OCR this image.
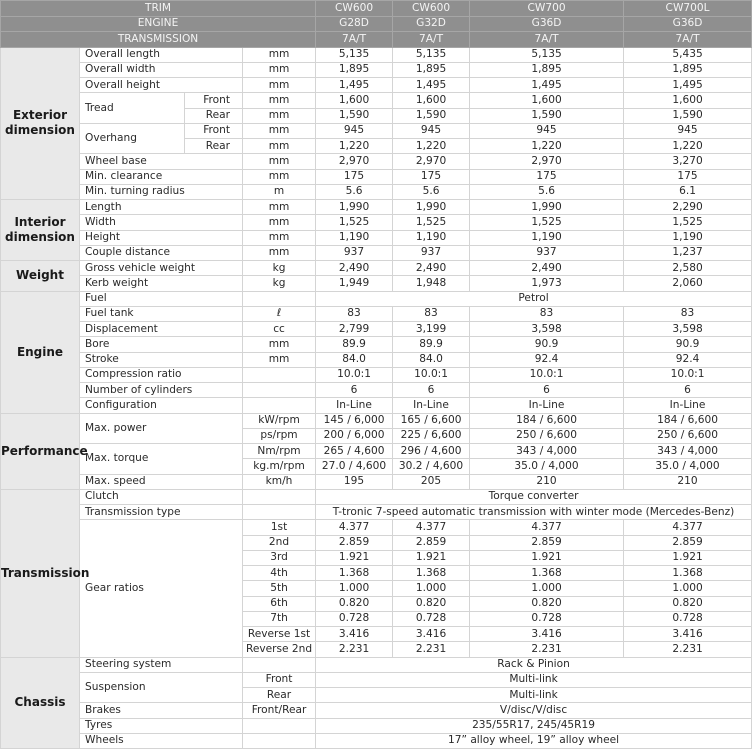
TRIM				CW600	CW600	CW700	CW700L
ENGINE				G28D	G32D	G36D	G36D
TRANSMISSION				7A/T	7A/T	7A/T	7A/T
Exterior
dimension	Overall length		mm	5,135	5,135	5,135	5,435
	Overall width		mm	1,895	1,895	1,895	1,895
	Overall height		mm	1,495	1,495	1,495	1,495
	Tread	Front	mm	1,600	1,600	1,600	1,600
		Rear	mm	1,590	1,590	1,590	1,590
	Overhang	Front	mm	945	945	945	945
		Rear	mm	1,220	1,220	1,220	1,220
	Wheel base		mm	2,970	2,970	2,970	3,270
	Min. clearance		mm	175	175	175	175
	Min. turning radius		m	5.6	5.6	5.6	6.1
Interior
dimension	Length		mm	1,990	1,990	1,990	2,290
	Width		mm	1,525	1,525	1,525	1,525
	Height		mm	1,190	1,190	1,190	1,190
	Couple distance		mm	937	937	937	1,237
Weight	Gross vehicle weight		kg	2,490	2,490	2,490	2,580
	Kerb weight		kg	1,949	1,948	1,973	2,060
Engine	Fuel			Petrol			
	Fuel tank		ℓ	83	83	83	83
	Displacement		cc	2,799	3,199	3,598	3,598
	Bore		mm	89.9	89.9	90.9	90.9
	Stroke		mm	84.0	84.0	92.4	92.4
	Compression ratio			10.0:1	10.0:1	10.0:1	10.0:1
	Number of cylinders			6	6	6	6
	Configuration			In-Line	In-Line	In-Line	In-Line
Performance	Max. power		kW/rpm	145 / 6,000	165 / 6,600	184 / 6,600	184 / 6,600
			ps/rpm	200 / 6,000	225 / 6,600	250 / 6,600	250 / 6,600
	Max. torque		Nm/rpm	265 / 4,600	296 / 4,600	343 / 4,000	343 / 4,000
			kg.m/rpm	27.0 / 4,600	30.2 / 4,600	35.0 / 4,000	35.0 / 4,000
	Max. speed		km/h	195	205	210	210
Transmission	Clutch			Torque converter			
	Transmission type			T-tronic 7-speed automatic transmission with winter mode (Mercedes-Benz)			
	Gear ratios		1st	4.377	4.377	4.377	4.377
			2nd	2.859	2.859	2.859	2.859
			3rd	1.921	1.921	1.921	1.921
			4th	1.368	1.368	1.368	1.368
			5th	1.000	1.000	1.000	1.000
			6th	0.820	0.820	0.820	0.820
			7th	0.728	0.728	0.728	0.728
			Reverse 1st	3.416	3.416	3.416	3.416
			Reverse 2nd	2.231	2.231	2.231	2.231
Chassis	Steering system			Rack & Pinion			
	Suspension		Front	Multi-link			
			Rear	Multi-link			
	Brakes		Front/Rear	V/disc/V/disc			
	Tyres			235/55R17, 245/45R19			
	Wheels			17” alloy wheel, 19” alloy wheel			
